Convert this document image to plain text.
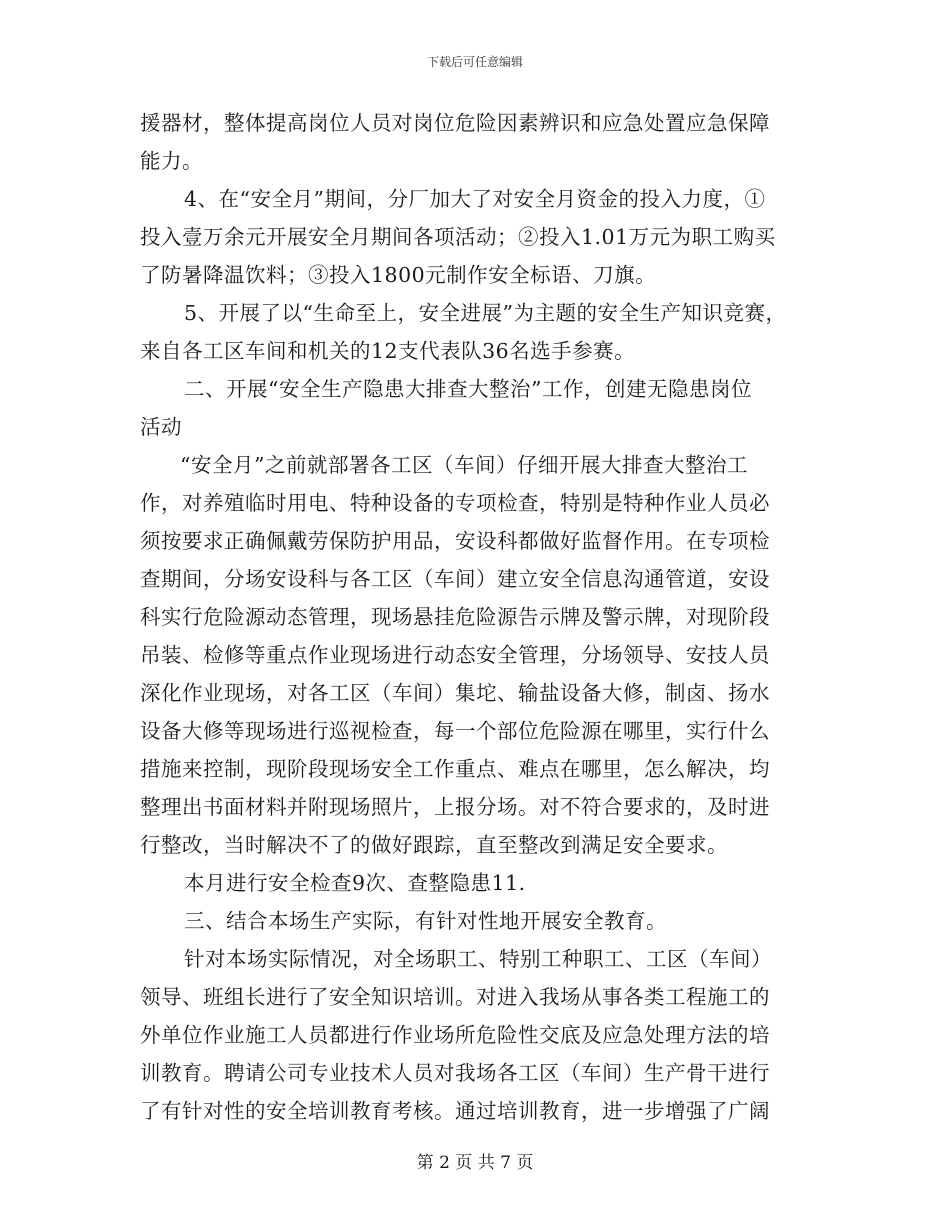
下载后可任意编辑
援器材，整体提高岗位人员对岗位危险因素辨识和应急处置应急保障
能力。
4、在“安全月”期间，分厂加大了对安全月资金的投入力度，①
投入壹万余元开展安全月期间各项活动；②投入1.01万元为职工购买
了防暑降温饮料；③投入1800元制作安全标语、刀旗。
5、开展了以“生命至上，安全进展”为主题的安全生产知识竞赛，
来自各工区车间和机关的12支代表队36名选手参赛。
二、开展“安全生产隐患大排查大整治”工作，创建无隐患岗位
活动
“安全月”之前就部署各工区（车间）仔细开展大排查大整治工
作，对养殖临时用电、特种设备的专项检查，特别是特种作业人员必
须按要求正确佩戴劳保防护用品，安设科都做好监督作用。在专项检
查期间，分场安设科与各工区（车间）建立安全信息沟通管道，安设
科实行危险源动态管理，现场悬挂危险源告示牌及警示牌，对现阶段
吊装、检修等重点作业现场进行动态安全管理，分场领导、安技人员
深化作业现场，对各工区（车间）集坨、输盐设备大修，制卤、扬水
设备大修等现场进行巡视检查，每一个部位危险源在哪里，实行什么
措施来控制，现阶段现场安全工作重点、难点在哪里，怎么解决，均
整理出书面材料并附现场照片，上报分场。对不符合要求的，及时进
行整改，当时解决不了的做好跟踪，直至整改到满足安全要求。
本月进行安全检查9次、查整隐患11.
三、结合本场生产实际，有针对性地开展安全教育。
针对本场实际情况，对全场职工、特别工种职工、工区（车间）
领导、班组长进行了安全知识培训。对进入我场从事各类工程施工的
外单位作业施工人员都进行作业场所危险性交底及应急处理方法的培
训教育。聘请公司专业技术人员对我场各工区（车间）生产骨干进行
了有针对性的安全培训教育考核。通过培训教育，进一步增强了广阔
第 2 页 共 7 页
